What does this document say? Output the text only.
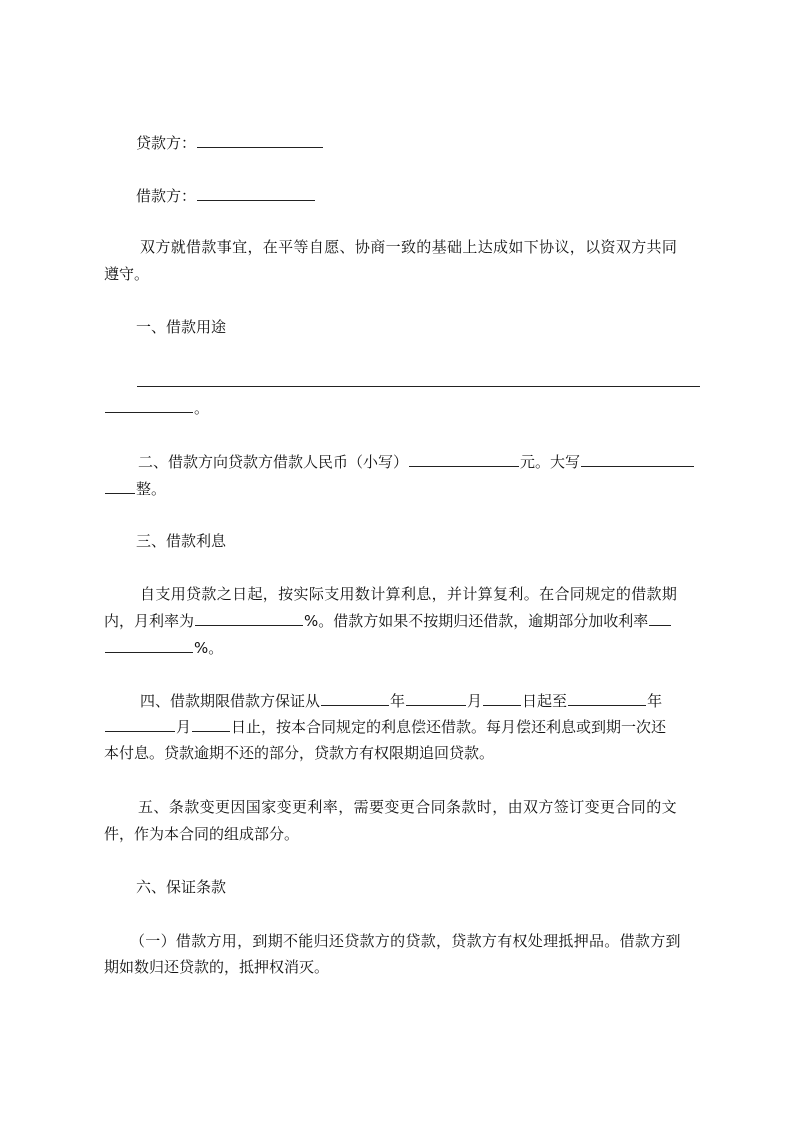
贷款方：
借款方：
双方就借款事宜，在平等自愿、协商一致的基础上达成如下协议，以资双方共同
遵守。
一、借款用途
。
二、借款方向贷款方借款人民币（小写）	元。大写
整。
三、借款利息
自支用贷款之日起，按实际支用数计算利息，并计算复利。在合同规定的借款期
内，月利率为	%。借款方如果不按期归还借款，逾期部分加收利率
%。
四、借款期限借款方保证从	年	月	日起至	年
月	日止，按本合同规定的利息偿还借款。每月偿还利息或到期一次还
本付息。贷款逾期不还的部分，贷款方有权限期追回贷款。
五、条款变更因国家变更利率，需要变更合同条款时，由双方签订变更合同的文
件，作为本合同的组成部分。
六、保证条款
（一）借款方用，到期不能归还贷款方的贷款，贷款方有权处理抵押品。借款方到
期如数归还贷款的，抵押权消灭。
